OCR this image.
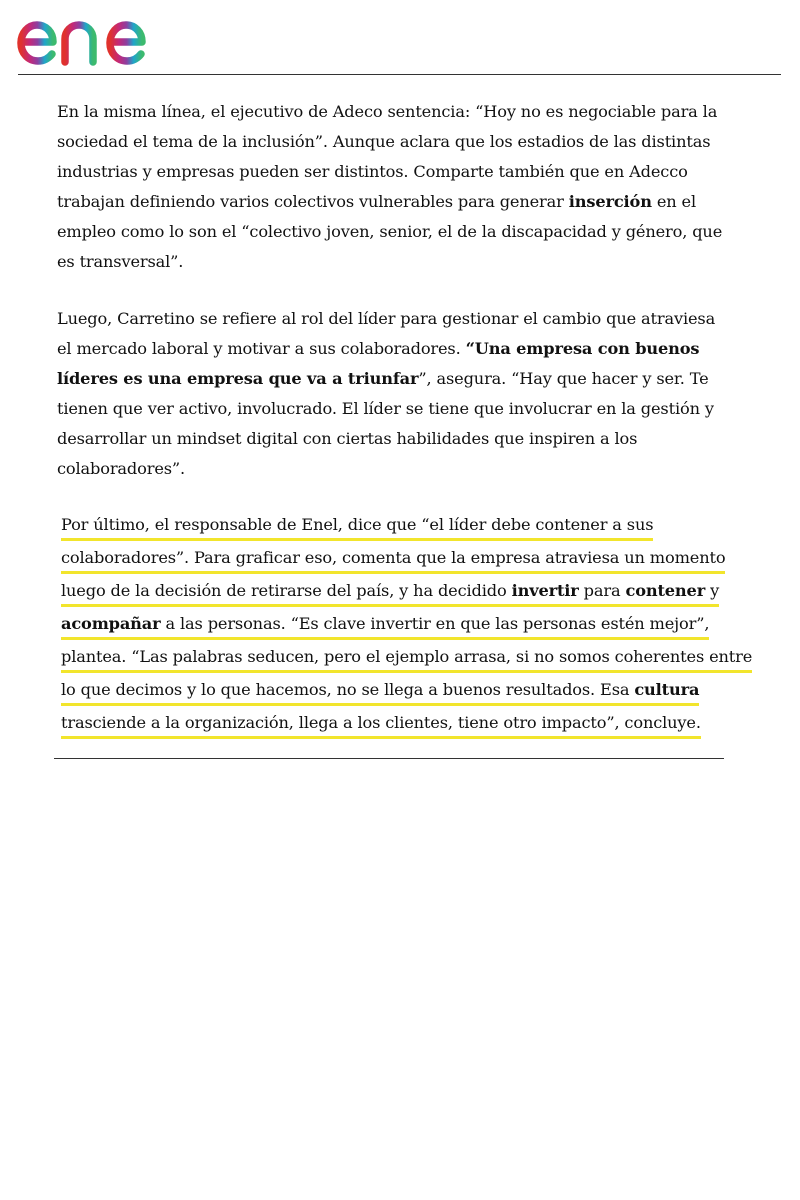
En la misma línea, el ejecutivo de Adeco sentencia: “Hoy no es negociable para la sociedad el tema de la inclusión”. Aunque aclara que los estadios de las distintas industrias y empresas pueden ser distintos. Comparte también que en Adecco trabajan definiendo varios colectivos vulnerables para generar inserción en el empleo como lo son el “colectivo joven, senior, el de la discapacidad y género, que es transversal”.

Luego, Carretino se refiere al rol del líder para gestionar el cambio que atraviesa el mercado laboral y motivar a sus colaboradores. “Una empresa con buenos líderes es una empresa que va a triunfar”, asegura. “Hay que hacer y ser. Te tienen que ver activo, involucrado. El líder se tiene que involucrar en la gestión y desarrollar un mindset digital con ciertas habilidades que inspiren a los colaboradores”.

Por último, el responsable de Enel, dice que “el líder debe contener a sus
colaboradores”. Para graficar eso, comenta que la empresa atraviesa un momento
luego de la decisión de retirarse del país, y ha decidido invertir para contener y
acompañar a las personas. “Es clave invertir en que las personas estén mejor”,
plantea. “Las palabras seducen, pero el ejemplo arrasa, si no somos coherentes entre
lo que decimos y lo que hacemos, no se llega a buenos resultados. Esa cultura
trasciende a la organización, llega a los clientes, tiene otro impacto”, concluye.
